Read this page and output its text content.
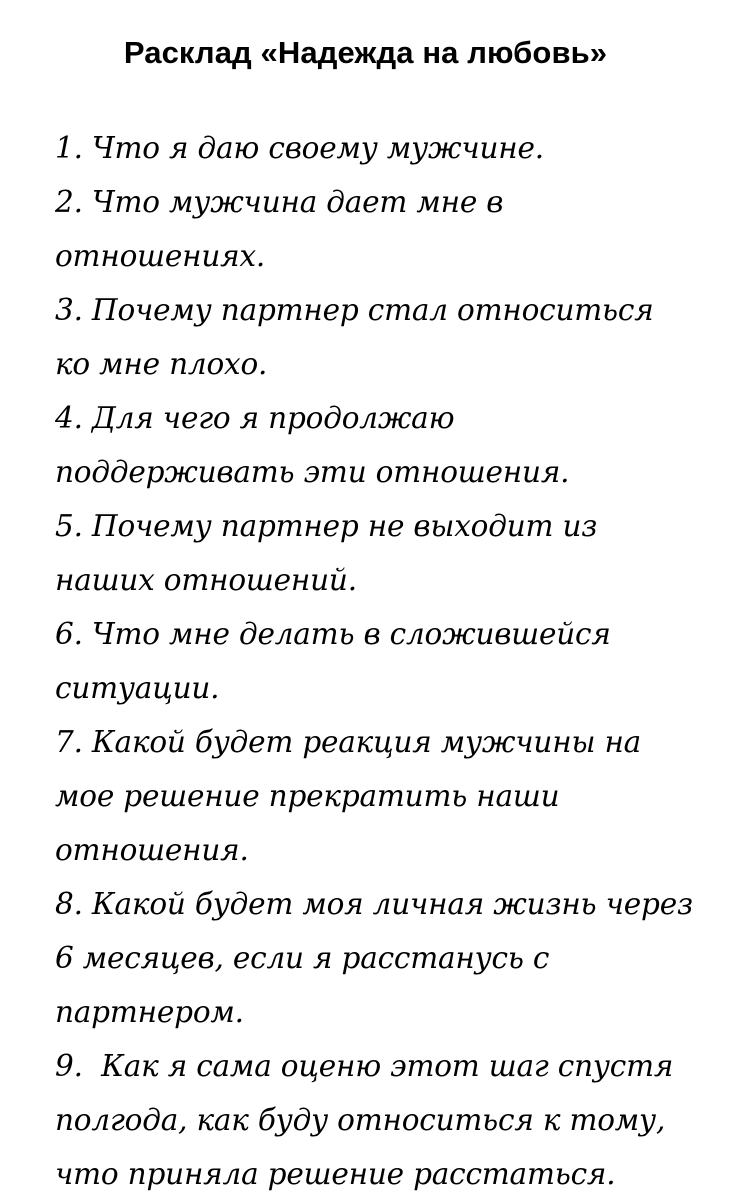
Расклад «Надежда на любовь»
1. Что я даю своему мужчине.
2. Что мужчина дает мне в отношениях.
3. Почему партнер стал относиться ко мне плохо.
4. Для чего я продолжаю поддерживать эти отношения.
5. Почему партнер не выходит из наших отношений.
6. Что мне делать в сложившейся ситуации.
7. Какой будет реакция мужчины на мое решение прекратить наши отношения.
8. Какой будет моя личная жизнь через 6 месяцев, если я расстанусь с партнером.
9.  Как я сама оценю этот шаг спустя полгода, как буду относиться к тому, что приняла решение расстаться.
